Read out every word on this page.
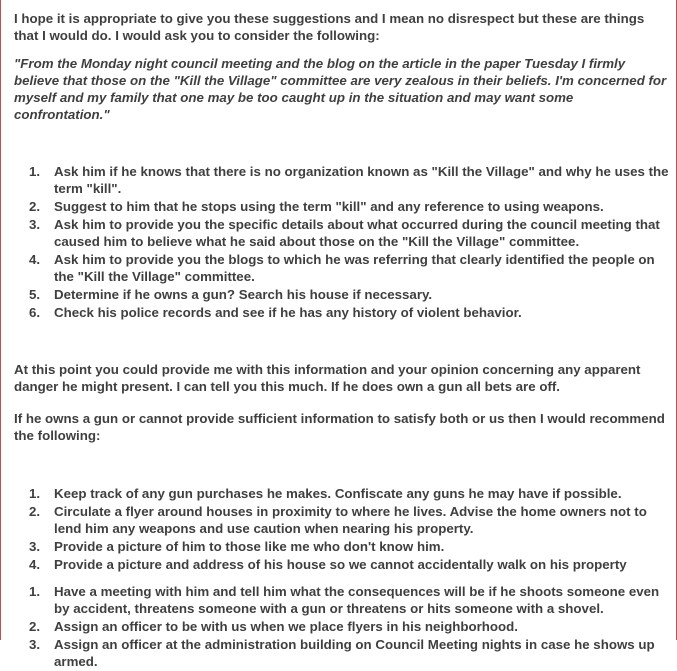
I hope it is appropriate to give you these suggestions and I mean no disrespect but these are things that I would do. I would ask you to consider the following:

"From the Monday night council meeting and the blog on the article in the paper Tuesday I firmly believe that those on the "Kill the Village" committee are very zealous in their beliefs. I'm concerned for myself and my family that one may be too caught up in the situation and may want some confrontation."

1. Ask him if he knows that there is no organization known as "Kill the Village" and why he uses the term "kill".
2. Suggest to him that he stops using the term "kill" and any reference to using weapons.
3. Ask him to provide you the specific details about what occurred during the council meeting that caused him to believe what he said about those on the "Kill the Village" committee.
4. Ask him to provide you the blogs to which he was referring that clearly identified the people on the "Kill the Village" committee.
5. Determine if he owns a gun? Search his house if necessary.
6. Check his police records and see if he has any history of violent behavior.

At this point you could provide me with this information and your opinion concerning any apparent danger he might present. I can tell you this much. If he does own a gun all bets are off.

If he owns a gun or cannot provide sufficient information to satisfy both or us then I would recommend the following:

1. Keep track of any gun purchases he makes. Confiscate any guns he may have if possible.
2. Circulate a flyer around houses in proximity to where he lives. Advise the home owners not to lend him any weapons and use caution when nearing his property.
3. Provide a picture of him to those like me who don't know him.
4. Provide a picture and address of his house so we cannot accidentally walk on his property
1. Have a meeting with him and tell him what the consequences will be if he shoots someone even by accident, threatens someone with a gun or threatens or hits someone with a shovel.
2. Assign an officer to be with us when we place flyers in his neighborhood.
3. Assign an officer at the administration building on Council Meeting nights in case he shows up armed.
